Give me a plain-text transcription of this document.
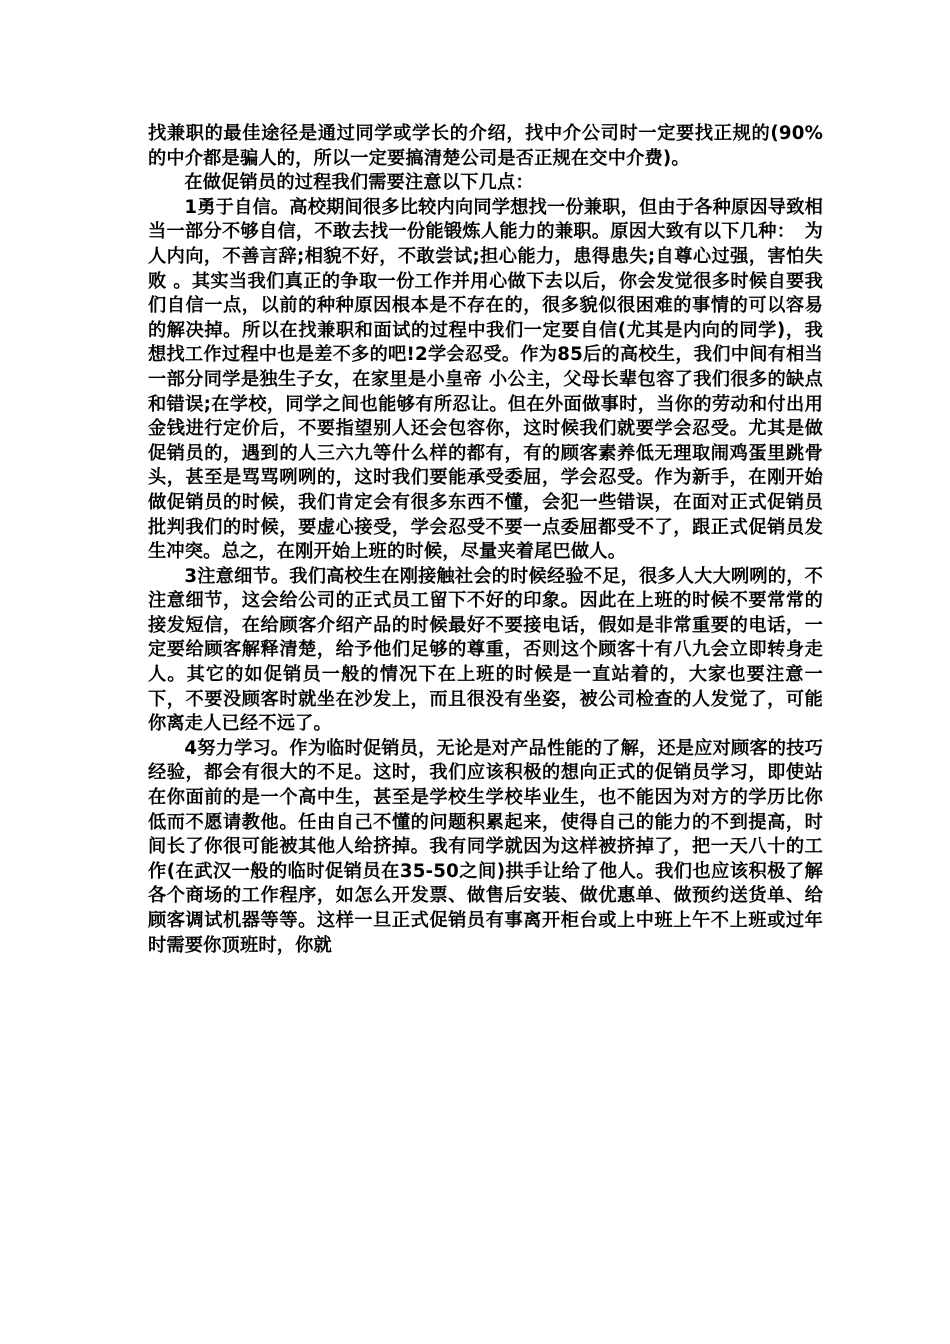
找兼职的最佳途径是通过同学或学长的介绍，找中介公司时一定要找正规的(90%的中介都是骗人的，所以一定要搞清楚公司是否正规在交中介费)。

在做促销员的过程我们需要注意以下几点：

1勇于自信。高校期间很多比较内向同学想找一份兼职，但由于各种原因导致相当一部分不够自信，不敢去找一份能锻炼人能力的兼职。原因大致有以下几种：　为人内向，不善言辞;相貌不好，不敢尝试;担心能力，患得患失;自尊心过强，害怕失败 。其实当我们真正的争取一份工作并用心做下去以后，你会发觉很多时候自要我们自信一点，以前的种种原因根本是不存在的，很多貌似很困难的事情的可以容易的解决掉。所以在找兼职和面试的过程中我们一定要自信(尤其是内向的同学)，我想找工作过程中也是差不多的吧!2学会忍受。作为85后的高校生，我们中间有相当一部分同学是独生子女，在家里是小皇帝 小公主，父母长辈包容了我们很多的缺点和错误;在学校，同学之间也能够有所忍让。但在外面做事时，当你的劳动和付出用金钱进行定价后，不要指望别人还会包容你，这时候我们就要学会忍受。尤其是做促销员的，遇到的人三六九等什么样的都有，有的顾客素养低无理取闹鸡蛋里跳骨头，甚至是骂骂咧咧的，这时我们要能承受委屈，学会忍受。作为新手，在刚开始做促销员的时候，我们肯定会有很多东西不懂，会犯一些错误，在面对正式促销员批判我们的时候，要虚心接受，学会忍受不要一点委屈都受不了，跟正式促销员发生冲突。总之，在刚开始上班的时候，尽量夹着尾巴做人。

3注意细节。我们高校生在刚接触社会的时候经验不足，很多人大大咧咧的，不注意细节，这会给公司的正式员工留下不好的印象。因此在上班的时候不要常常的接发短信，在给顾客介绍产品的时候最好不要接电话，假如是非常重要的电话，一定要给顾客解释清楚，给予他们足够的尊重，否则这个顾客十有八九会立即转身走人。其它的如促销员一般的情况下在上班的时候是一直站着的，大家也要注意一下，不要没顾客时就坐在沙发上，而且很没有坐姿，被公司检查的人发觉了，可能你离走人已经不远了。

4努力学习。作为临时促销员，无论是对产品性能的了解，还是应对顾客的技巧经验，都会有很大的不足。这时，我们应该积极的想向正式的促销员学习，即使站在你面前的是一个高中生，甚至是学校生学校毕业生，也不能因为对方的学历比你低而不愿请教他。任由自己不懂的问题积累起来，使得自己的能力的不到提高，时间长了你很可能被其他人给挤掉。我有同学就因为这样被挤掉了，把一天八十的工作(在武汉一般的临时促销员在35-50之间)拱手让给了他人。我们也应该积极了解各个商场的工作程序，如怎么开发票、做售后安装、做优惠单、做预约送货单、给顾客调试机器等等。这样一旦正式促销员有事离开柜台或上中班上午不上班或过年时需要你顶班时，你就
